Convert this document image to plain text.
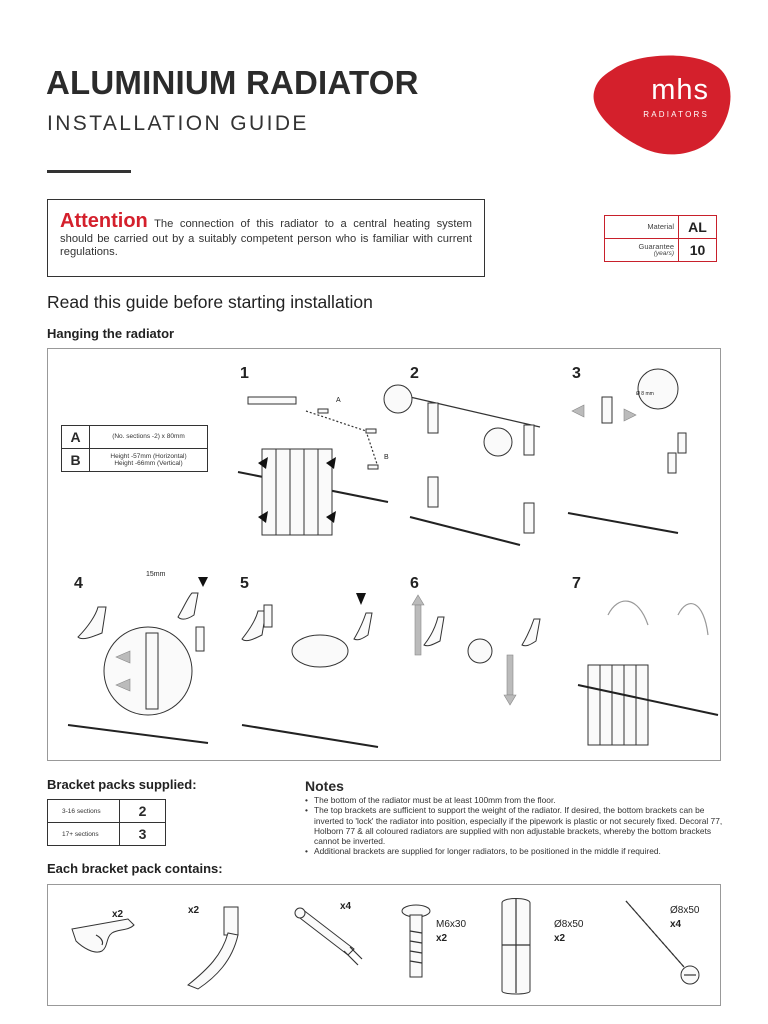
ALUMINIUM RADIATOR
INSTALLATION GUIDE
mhs
RADIATORS
Attention The connection of this radiator to a central heating system should be carried out by a suitably competent person who is familiar with current regulations.
Material	AL
Guarantee
(years)	10
Read this guide before starting installation
Hanging the radiator
1	2	3
4	5	6	7
A
B
Ø 8 mm
A	(No. sections -2) x 80mm
B	Height -57mm (Horizontal)
Height -66mm (Vertical)
15mm
Bracket packs supplied:
3-16 sections	2
17+ sections	3
Notes
• The bottom of the radiator must be at least 100mm from the floor.
• The top brackets are sufficient to support the weight of the radiator. If desired, the bottom brackets can be inverted to 'lock' the radiator into position, especially if the pipework is plastic or not securely fixed. Decoral 77, Holborn 77 & all coloured radiators are supplied with non adjustable brackets, whereby the bottom brackets cannot be inverted.
• Additional brackets are supplied for longer radiators, to be positioned in the middle if required.
Each bracket pack contains:
x2	x2	x4
M6x30
x2
Ø8x50
x2
Ø8x50
x4
